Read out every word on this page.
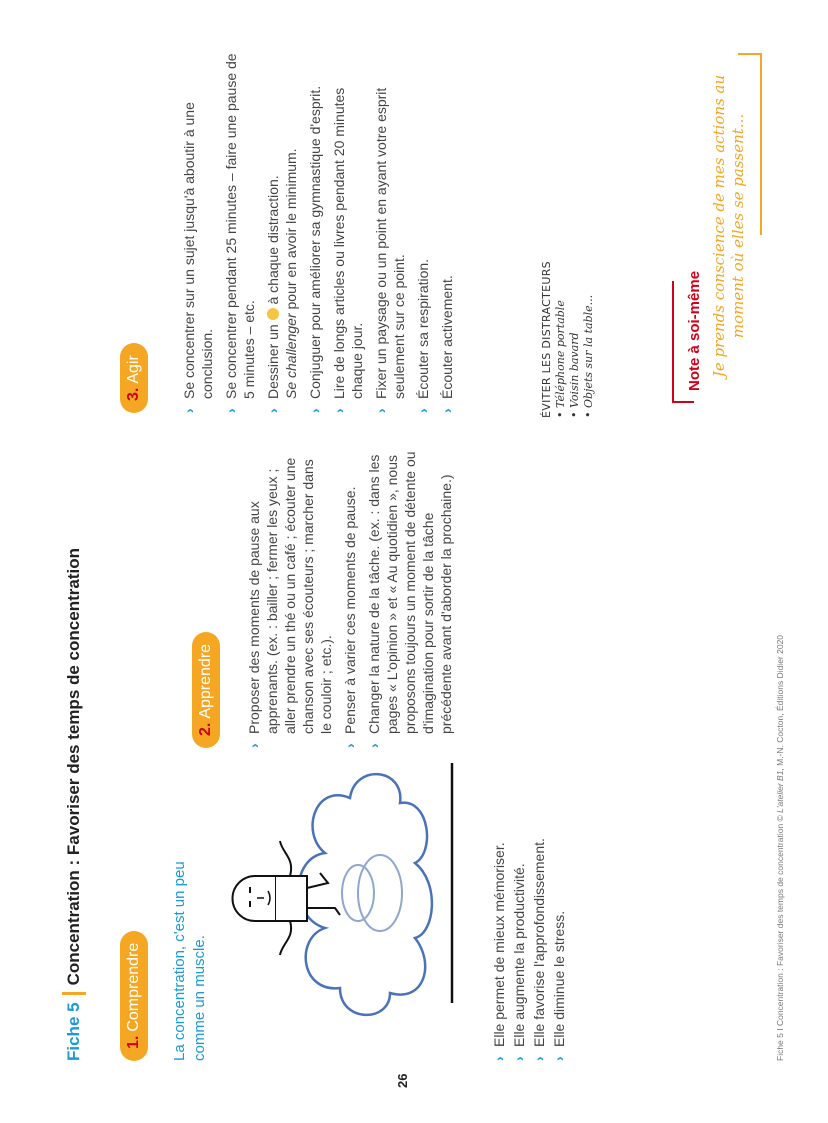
Fiche 5
Concentration : Favoriser des temps de concentration
1.Comprendre	La concentration, c'est un peu comme un muscle.	›
Elle permet de mieux mémoriser.
›
Elle augmente la productivité.
›
Elle favorise l'approfondissement.
›
Elle diminue le stress.
2.Apprendre
›
Proposer des moments de pause aux apprenants. (ex. : bailler ; fermer les yeux ; aller prendre un thé ou un café ; écouter une chanson avec ses écouteurs ; marcher dans le couloir ; etc.).
›
Penser à varier ces moments de pause.
›
Changer la nature de la tâche. (ex. : dans les pages « L'opinion » et « Au quotidien », nous proposons toujours un moment de détente ou d'imagination pour sortir de la tâche précédente avant d'aborder la prochaine.)
3.Agir
›
Se concentrer sur un sujet jusqu'à aboutir à une conclusion.
›
Se concentrer pendant 25 minutes – faire une pause de 5 minutes – etc.
›
Dessiner un  à chaque distraction.
Se challenger pour en avoir le minimum.
›
Conjuguer pour améliorer sa gymnastique d'esprit.
›
Lire de longs articles ou livres pendant 20 minutes chaque jour.
›
Fixer un paysage ou un point en ayant votre esprit seulement sur ce point.
›
Écouter sa respiration.
›
Écouter activement.	ÉVITER LES DISTRACTEURS • Téléphone portable
• Voisin bavard
• Objets sur la table...	Note à soi-même Je prends conscience de mes actions au moment où elles se passent...
26
Fiche 5 I Concentration : Favoriser des temps de concentration © L'atelier B1, M.-N. Cocton, Éditions Didier 2020
